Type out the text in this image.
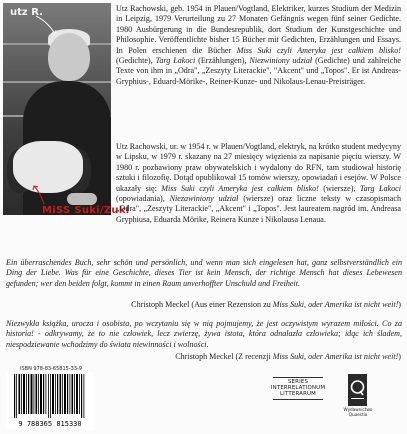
utz R.
MiSS Suki/Zuki

Utz Rachowski, geb. 1954 in Plauen/Vogtland, Elektriker, kurzes Studium der Medizin in Leipzig, 1979 Verurteilung zu 27 Monaten Gefängnis wegen fünf seiner Gedichte. 1980 Ausbürgerung in die Bundesrepublik, dort Studium der Kunstgeschichte und Philosophie. Veröffentlichte bisher 15 Bücher mit Gedichten, Erzählungen und Essays. In Polen erschienen die Bücher Miss Suki czyli Ameryka jest całkiem blisko! (Gedichte), Targ Łakoci (Erzählungen), Niezwiniony udział (Gedichte) und zahlreiche Texte von ihm in „Odra", „Zeszyty Literackie", "Akcent" und „Topos". Er ist Andreas-Gryphius-, Eduard-Mörike-, Reiner-Kunze- und Nikolaus-Lenau-Preisträger.

Utz Rachowski, ur. w 1954 r. w Plauen/Vogtland, elektryk, na krótko student medycyny w Lipsku, w 1979 r. skazany na 27 miesięcy więzienia za napisanie pięciu wierszy. W 1980 r. pozbawiony praw obywatelskich i wydalony do RFN, tam studiował historię sztuki i filozofię. Dotąd opublikował 15 tomów wierszy, opowiadań i esejów. W Polsce ukazały się: Miss Suki czyli Ameryka jest całkiem blisko! (wiersze), Targ Łakoci (opowiadania), Niezawiniony udział (wiersze) oraz liczne teksty w czasopismach „Odra", „Zeszyty Literackie", „Akcent" i „Topos". Jest laureatem nagród im. Andreasa Gryphiusa, Eduarda Mörike, Reinera Kunze i Nikolausa Lenaua.

Ein überraschendes Buch, sehr schön und persönlich, und wenn man sich eingelesen hat, ganz selbstverständlich ein Ding der Liebe. Was für eine Geschichte, dieses Tier ist kein Mensch, der richtige Mensch hat dieses Lebewesen gefunden; wer den beiden folgt, kommt in einen Raum unverhoffter Unschuld und Freiheit.

Christoph Meckel (Aus einer Rezension zu Miss Suki, oder Amerika ist nicht weit!)

Niezwykła książka, urocza i osobista, po wczytaniu się w nią pojmujemy, że jest oczywistym wyrazem miłości. Co za historia! - odkrywamy, że to nie człowiek, lecz zwierzę, żywa istota, która odnalazła człowieka; idąc ich śladem, niespodziewanie wchodzimy do świata niewinności i wolności.

Christoph Meckel (Z recenzji Miss Suki, oder Amerika ist nicht weit!)

ISBN 978-83-65815-33-9
9 788365 815330
SERIES
INTERRELATIONUM
LITTERARUM
Wydawnictwo Quaestio
